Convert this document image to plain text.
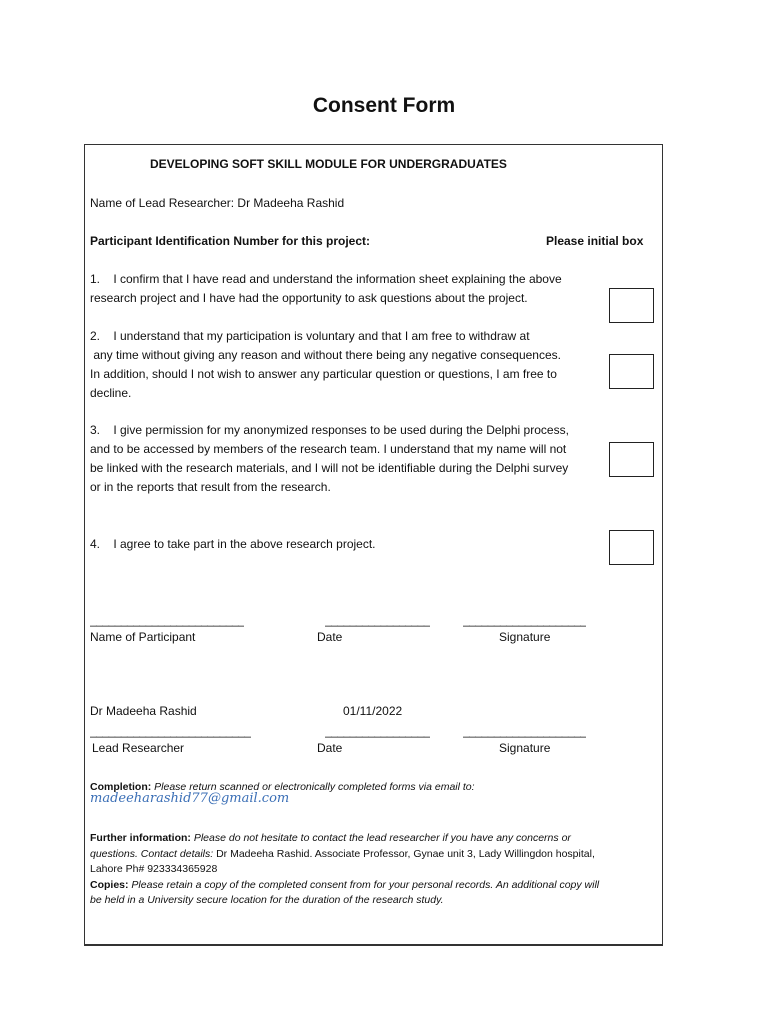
Consent Form
DEVELOPING SOFT SKILL MODULE FOR UNDERGRADUATES
Name of Lead Researcher: Dr Madeeha Rashid
Participant Identification Number for this project:	Please initial box
1.    I confirm that I have read and understand the information sheet explaining the above
research project and I have had the opportunity to ask questions about the project.
2.    I understand that my participation is voluntary and that I am free to withdraw at
any time without giving any reason and without there being any negative consequences.
In addition, should I not wish to answer any particular question or questions, I am free to
decline.
3.    I give permission for my anonymized responses to be used during the Delphi process,
and to be accessed by members of the research team. I understand that my name will not
be linked with the research materials, and I will not be identifiable during the Delphi survey
or in the reports that result from the research.
4.    I agree to take part in the above research project.
_________________________	_________________	____________________
Name of Participant	Date	Signature
Dr Madeeha Rashid	01/11/2022
__________________________	_________________	____________________
Lead Researcher	Date	Signature
Completion: Please return scanned or electronically completed forms via email to:
madeeharashid77@gmail.com
Further information: Please do not hesitate to contact the lead researcher if you have any concerns or
questions. Contact details: Dr Madeeha Rashid. Associate Professor, Gynae unit 3, Lady Willingdon hospital,
Lahore Ph# 923334365928
Copies: Please retain a copy of the completed consent from for your personal records. An additional copy will
be held in a University secure location for the duration of the research study.
